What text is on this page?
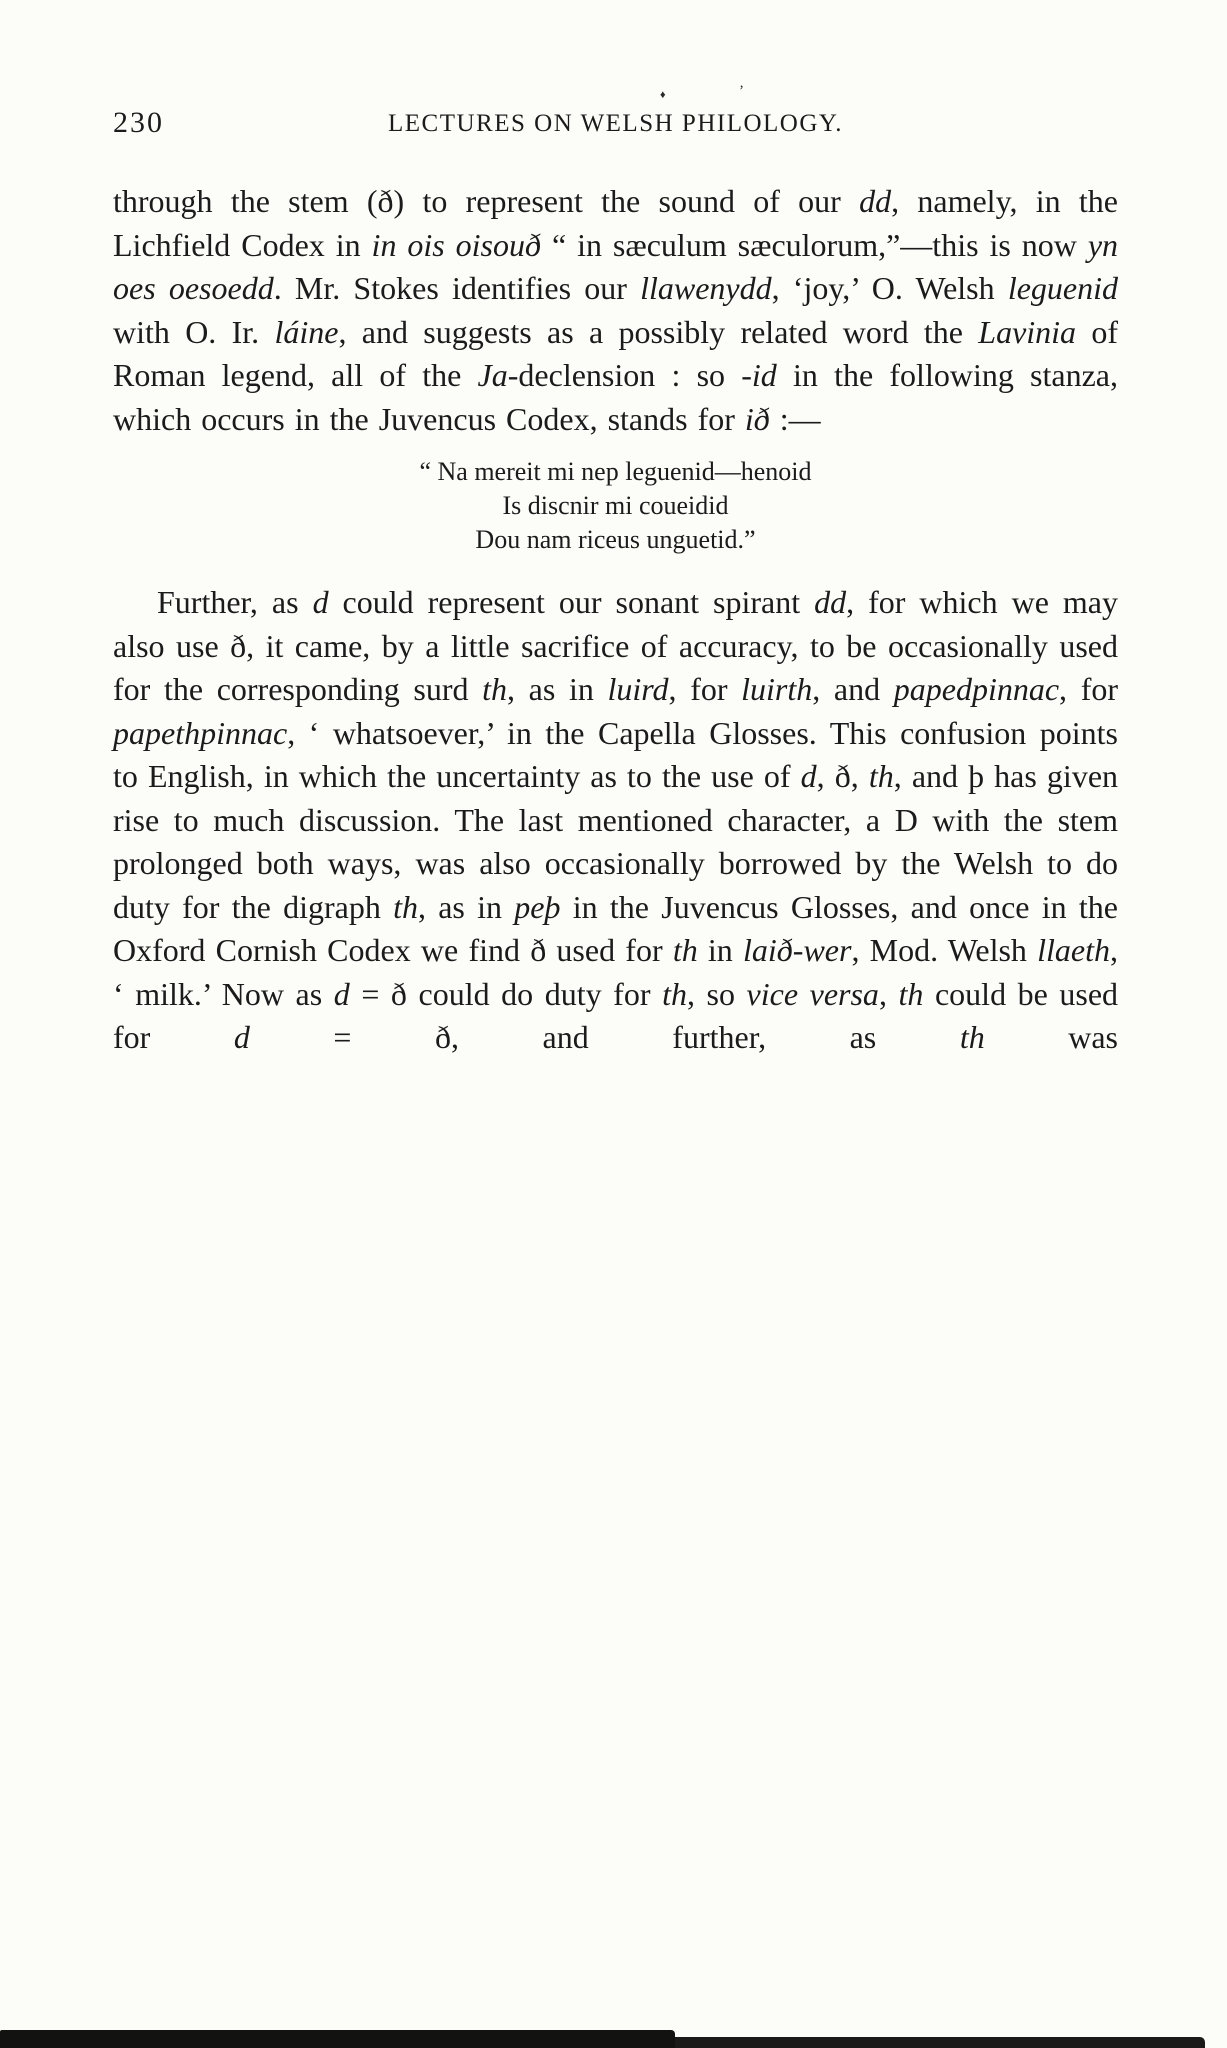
230	LECTURES ON WELSH PHILOLOGY.
♦	’

through the stem (ð) to represent the sound of our dd, namely, in the Lichfield Codex in in ois oisouð “ in sæculum sæculorum,”—this is now yn oes oesoedd. Mr. Stokes identifies our llawenydd, ‘joy,’ O. Welsh leguenid with O. Ir. láine, and suggests as a possibly related word the Lavinia of Roman legend, all of the Ja-declension : so -id in the following stanza, which occurs in the Juvencus Codex, stands for ið :—

“ Na mereit mi nep leguenid—henoid
Is discnir mi coueidid
Dou nam riceus unguetid.”

Further, as d could represent our sonant spirant dd, for which we may also use ð, it came, by a little sacrifice of accuracy, to be occasionally used for the corresponding surd th, as in luird, for luirth, and papedpinnac, for papethpinnac, ‘ whatsoever,’ in the Capella Glosses. This confusion points to English, in which the uncertainty as to the use of d, ð, th, and þ has given rise to much discussion. The last mentioned character, a D with the stem prolonged both ways, was also occasionally borrowed by the Welsh to do duty for the digraph th, as in peþ in the Juvencus Glosses, and once in the Oxford Cornish Codex we find ð used for th in laið-wer, Mod. Welsh llaeth, ‘ milk.’ Now as d = ð could do duty for th, so vice versa, th could be used for d = ð, and further, as th was
